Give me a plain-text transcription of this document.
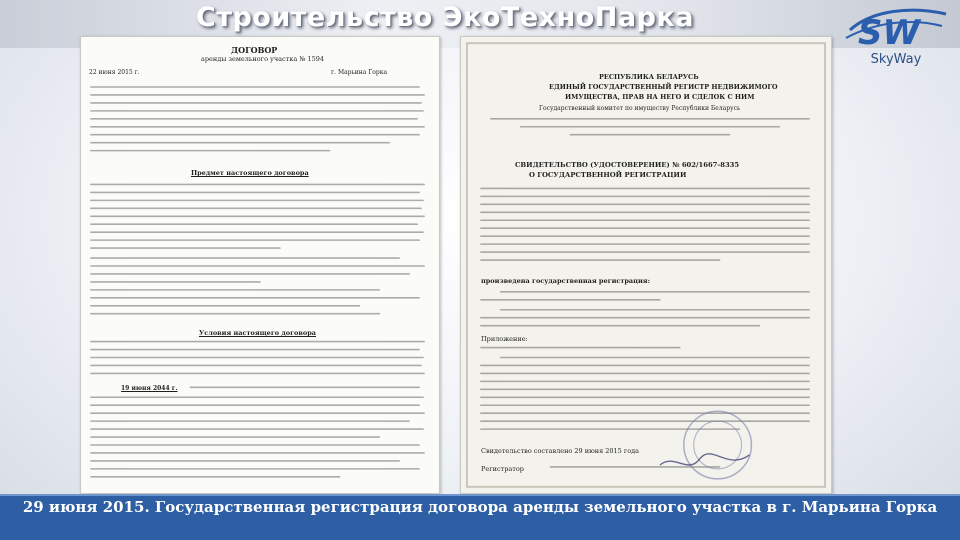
Строительство ЭкоТехноПарка	SW
SkyWay
ДОГОВОР
аренды земельного участка № 1594
22 июня 2015 г.	г. Марьина Горка
Предмет настоящего договора
Условия настоящего договора
19 июня 2044 г.
РЕСПУБЛИКА БЕЛАРУСЬ
ЕДИНЫЙ ГОСУДАРСТВЕННЫЙ РЕГИСТР НЕДВИЖИМОГО
ИМУЩЕСТВА, ПРАВ НА НЕГО И СДЕЛОК С НИМ
Государственный комитет по имуществу Республики Беларусь
СВИДЕТЕЛЬСТВО (УДОСТОВЕРЕНИЕ) № 602/1667-8335
О ГОСУДАРСТВЕННОЙ РЕГИСТРАЦИИ
произведена государственная регистрация:
Приложение:
Свидетельство составлено 29 июня 2015 года
Регистратор
29 июня 2015. Государственная регистрация договора аренды земельного участка в г. Марьина Горка
